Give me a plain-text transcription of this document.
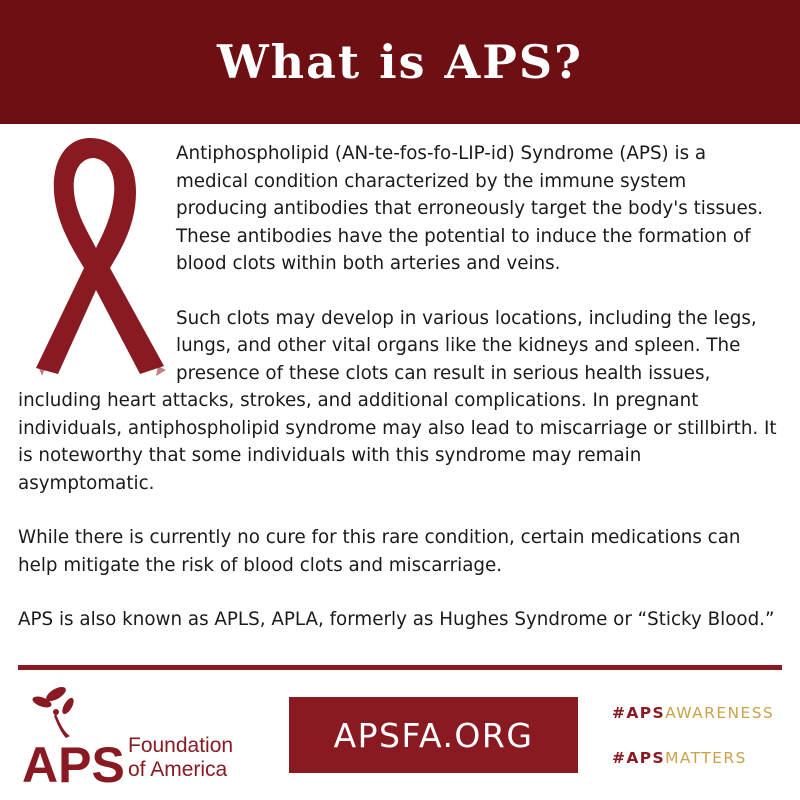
What is APS?

Antiphospholipid (AN-te-fos-fo-LIP-id) Syndrome (APS) is a medical condition characterized by the immune system producing antibodies that erroneously target the body's tissues. These antibodies have the potential to induce the formation of blood clots within both arteries and veins.

Such clots may develop in various locations, including the legs, lungs, and other vital organs like the kidneys and spleen. The presence of these clots can result in serious health issues, including heart attacks, strokes, and additional complications. In pregnant individuals, antiphospholipid syndrome may also lead to miscarriage or stillbirth. It is noteworthy that some individuals with this syndrome may remain asymptomatic.

While there is currently no cure for this rare condition, certain medications can help mitigate the risk of blood clots and miscarriage.

APS is also known as APLS, APLA, formerly as Hughes Syndrome or “Sticky Blood.”

APS Foundation
of America
APSFA.ORG
#APSAWARENESS
#APSMATTERS
